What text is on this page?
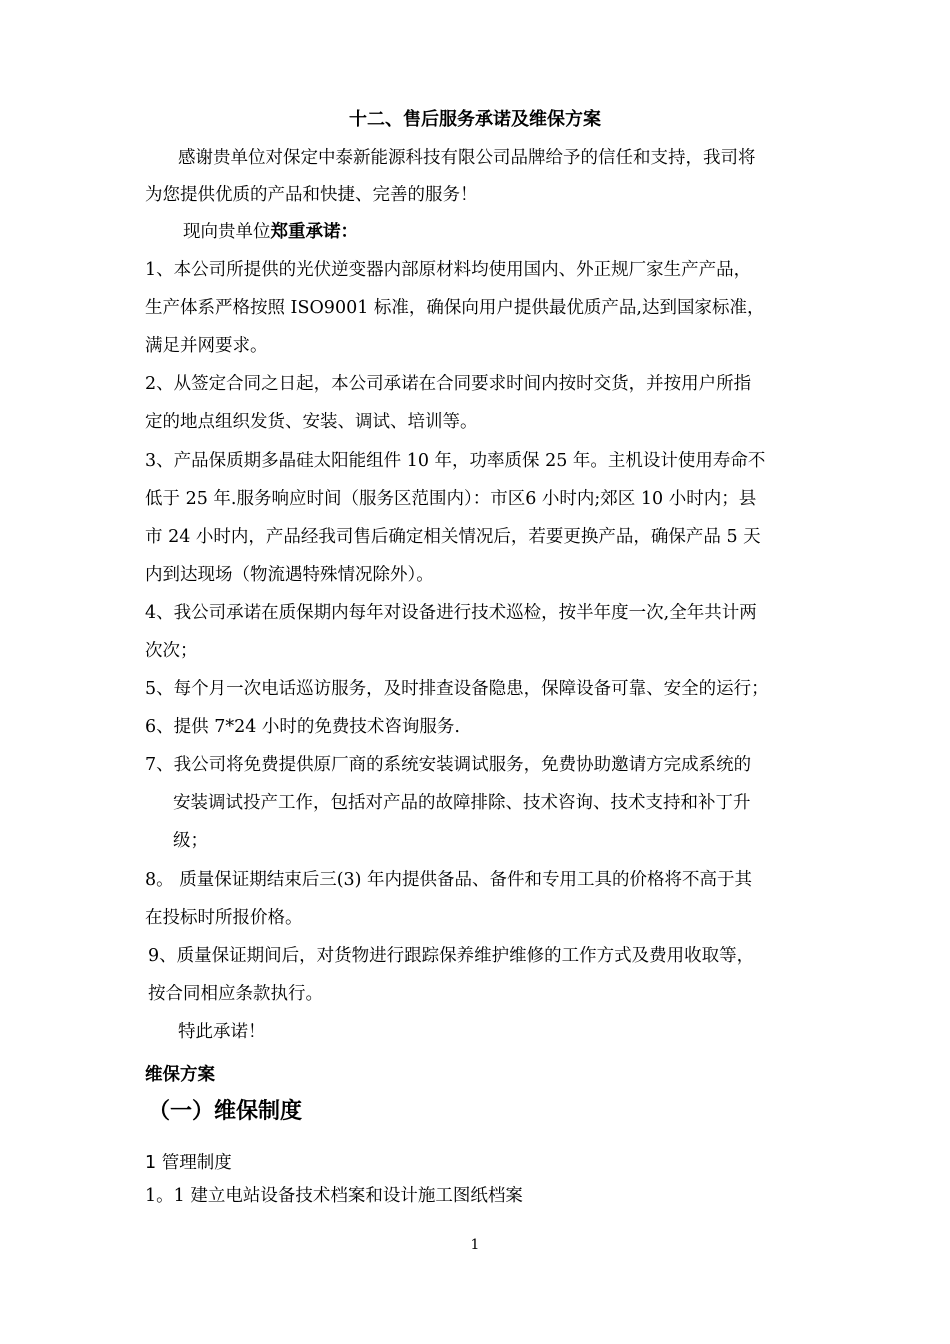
十二、售后服务承诺及维保方案

感谢贵单位对保定中泰新能源科技有限公司品牌给予的信任和支持，我司将

为您提供优质的产品和快捷、完善的服务！

现向贵单位郑重承诺：

1、本公司所提供的光伏逆变器内部原材料均使用国内、外正规厂家生产产品，

生产体系严格按照 ISO9001 标准，确保向用户提供最优质产品,达到国家标准，

满足并网要求。

2、从签定合同之日起，本公司承诺在合同要求时间内按时交货，并按用户所指

定的地点组织发货、安装、调试、培训等。

3、产品保质期多晶硅太阳能组件 10 年，功率质保 25 年。主机设计使用寿命不

低于 25 年.服务响应时间（服务区范围内）：市区6 小时内;郊区 10 小时内；县

市 24 小时内，产品经我司售后确定相关情况后，若要更换产品，确保产品 5 天

内到达现场（物流遇特殊情况除外）。

4、我公司承诺在质保期内每年对设备进行技术巡检，按半年度一次,全年共计两

次次；

5、每个月一次电话巡访服务，及时排查设备隐患，保障设备可靠、安全的运行；

6、提供 7*24 小时的免费技术咨询服务.

7、我公司将免费提供原厂商的系统安装调试服务，免费协助邀请方完成系统的

安装调试投产工作，包括对产品的故障排除、技术咨询、技术支持和补丁升

级；

8。 质量保证期结束后三(3) 年内提供备品、备件和专用工具的价格将不高于其

在投标时所报价格。

9、质量保证期间后，对货物进行跟踪保养维护维修的工作方式及费用收取等，

按合同相应条款执行。

特此承诺！

维保方案
（一）维保制度

1 管理制度

1。1 建立电站设备技术档案和设计施工图纸档案

1
